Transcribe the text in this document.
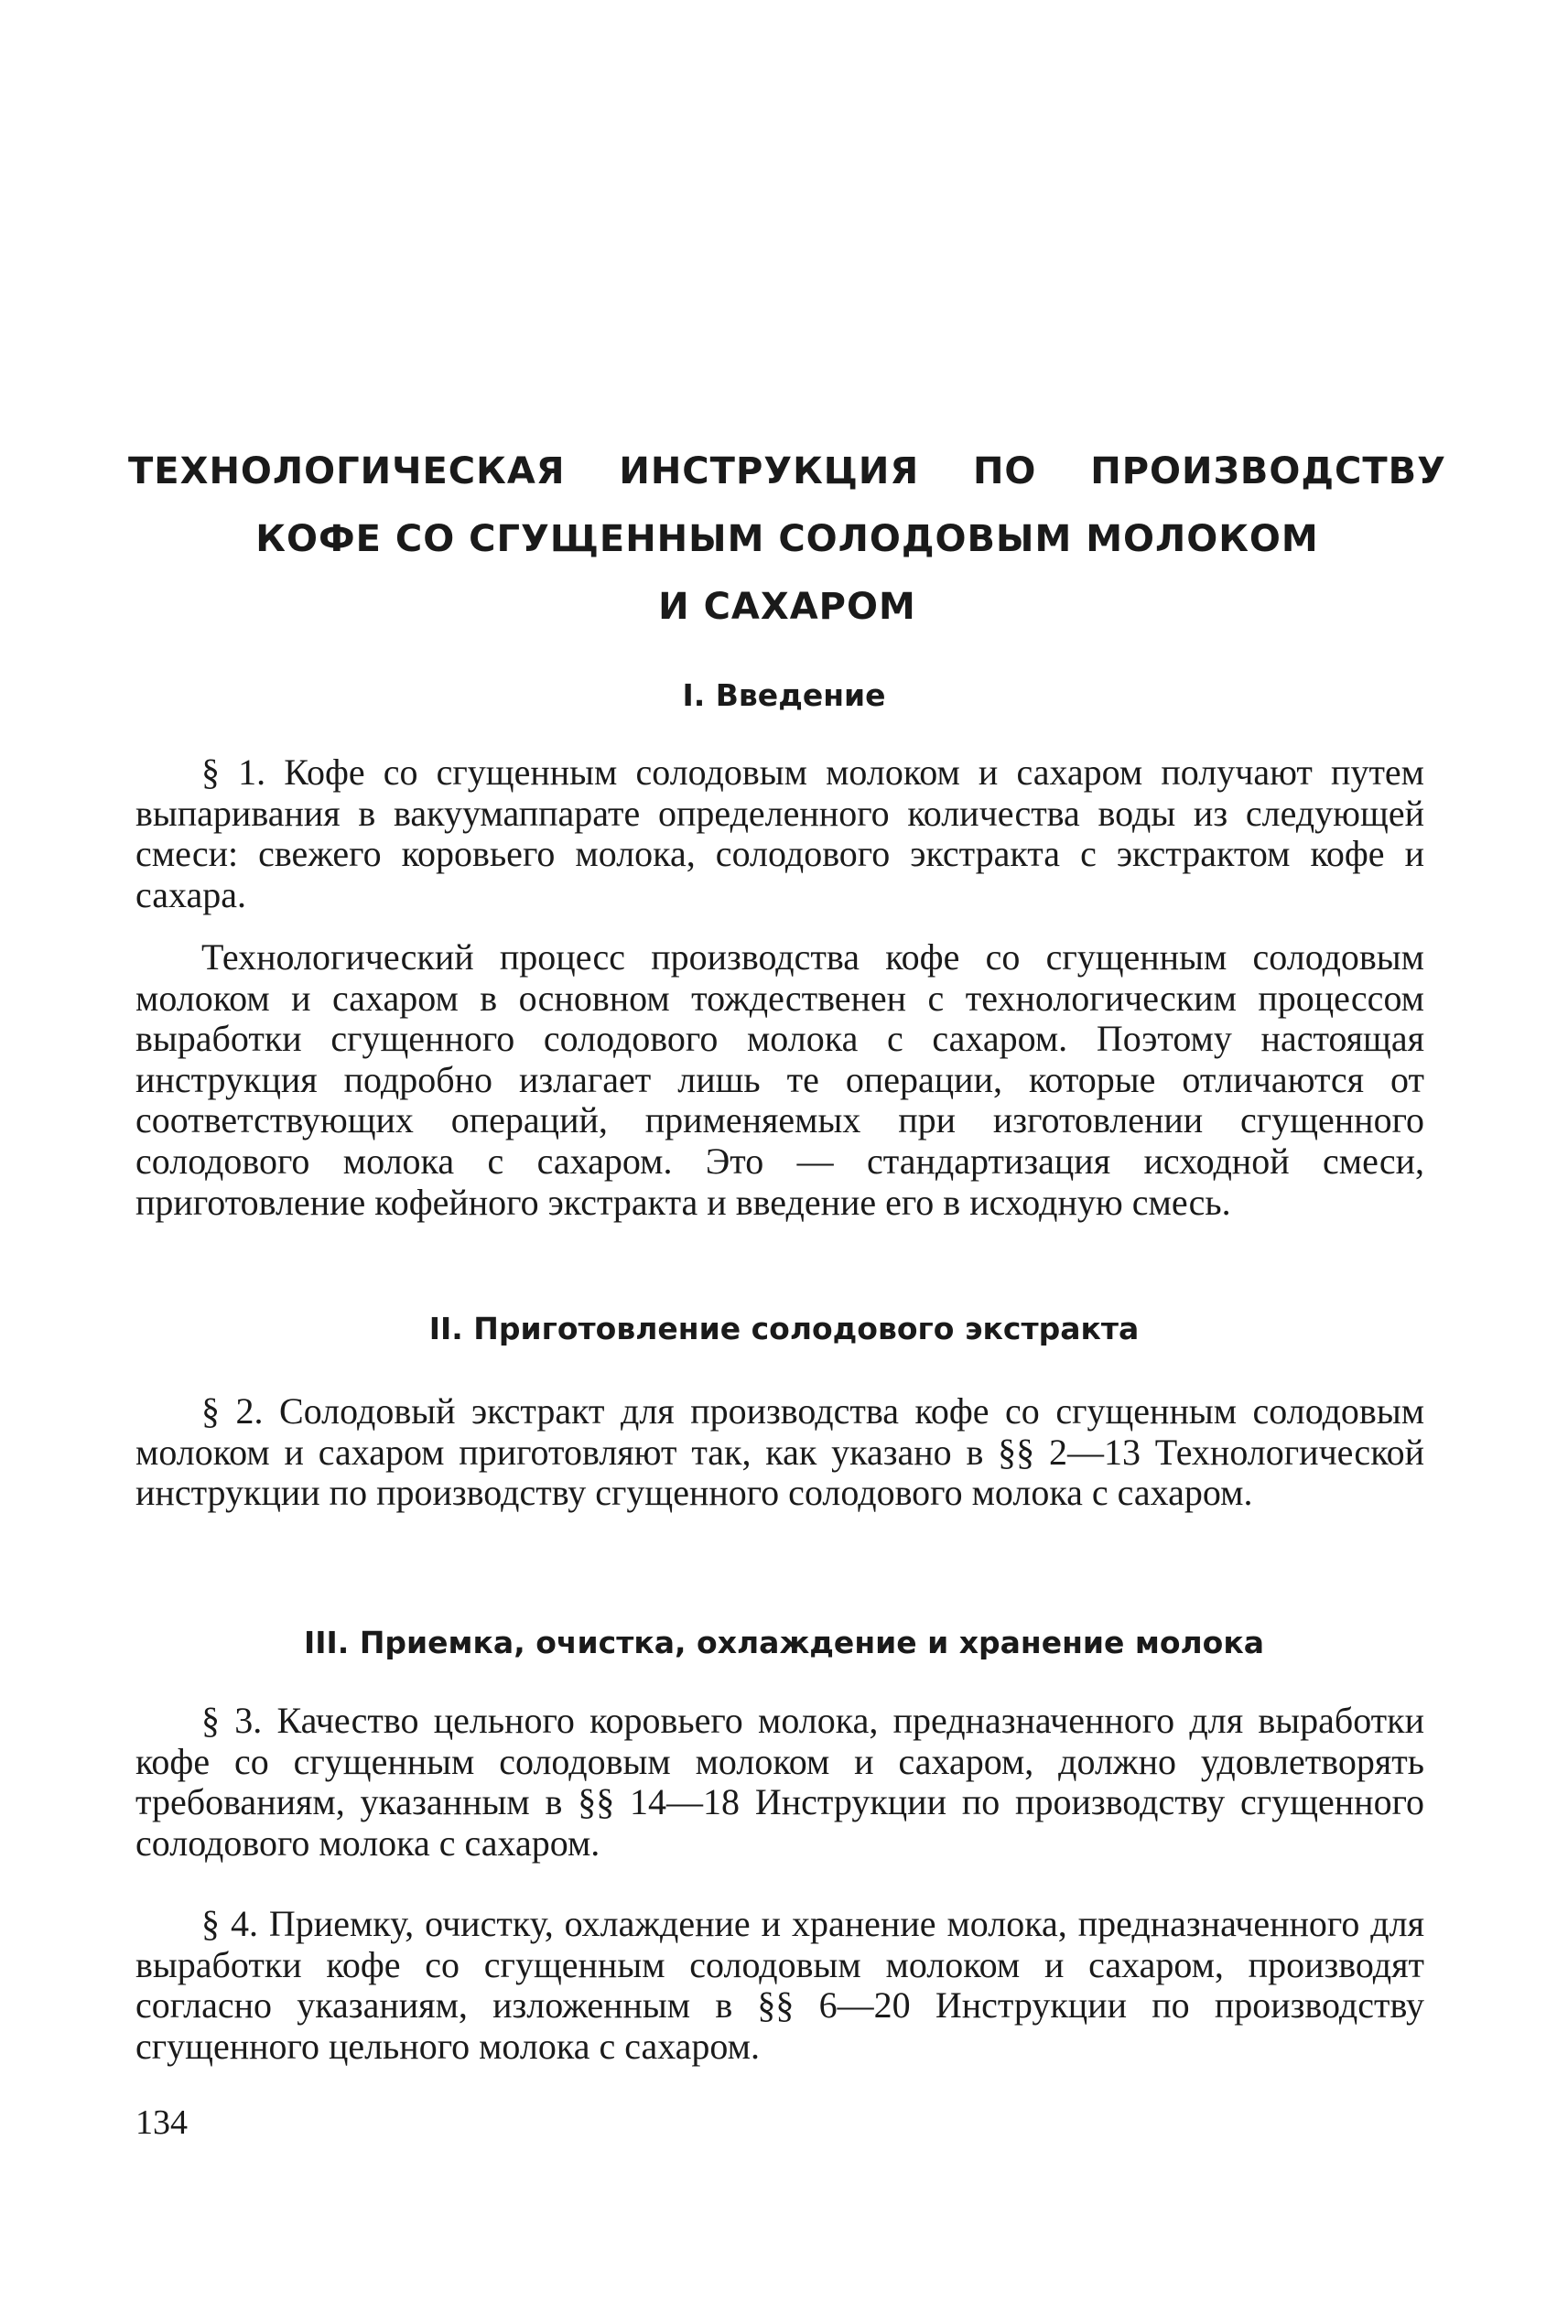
ТЕХНОЛОГИЧЕСКАЯ ИНСТРУКЦИЯ ПО ПРОИЗВОДСТВУ
КОФЕ СО СГУЩЕННЫМ СОЛОДОВЫМ МОЛОКОМ
И САХАРОМ
I. Введение

§ 1. Кофе со сгущенным солодовым молоком и сахаром получают путем выпаривания в вакуумаппарате определенного количества воды из следующей смеси: свежего коровьего молока, солодового экстракта с экстрактом кофе и сахара.

Технологический процесс производства кофе со сгущенным солодовым молоком и сахаром в основном тождественен с технологическим процессом выработки сгущенного солодового молока с сахаром. Поэтому настоящая инструкция подробно излагает лишь те операции, которые отличаются от соответствующих операций, применяемых при изготовлении сгущенного солодового молока с сахаром. Это — стандартизация исходной смеси, приготовление кофейного экстракта и введение его в исходную смесь.

II. Приготовление солодового экстракта

§ 2. Солодовый экстракт для производства кофе со сгущенным солодовым молоком и сахаром приготовляют так, как указано в §§ 2—13 Технологической инструкции по производству сгущенного солодового молока с сахаром.

III. Приемка, очистка, охлаждение и хранение молока

§ 3. Качество цельного коровьего молока, предназначенного для выработки кофе со сгущенным солодовым молоком и сахаром, должно удовлетворять требованиям, указанным в §§ 14—18 Инструкции по производству сгущенного солодового молока с сахаром.

§ 4. Приемку, очистку, охлаждение и хранение молока, предназначенного для выработки кофе со сгущенным солодовым молоком и сахаром, производят согласно указаниям, изложенным в §§ 6—20 Инструкции по производству сгущенного цельного молока с сахаром.

134
